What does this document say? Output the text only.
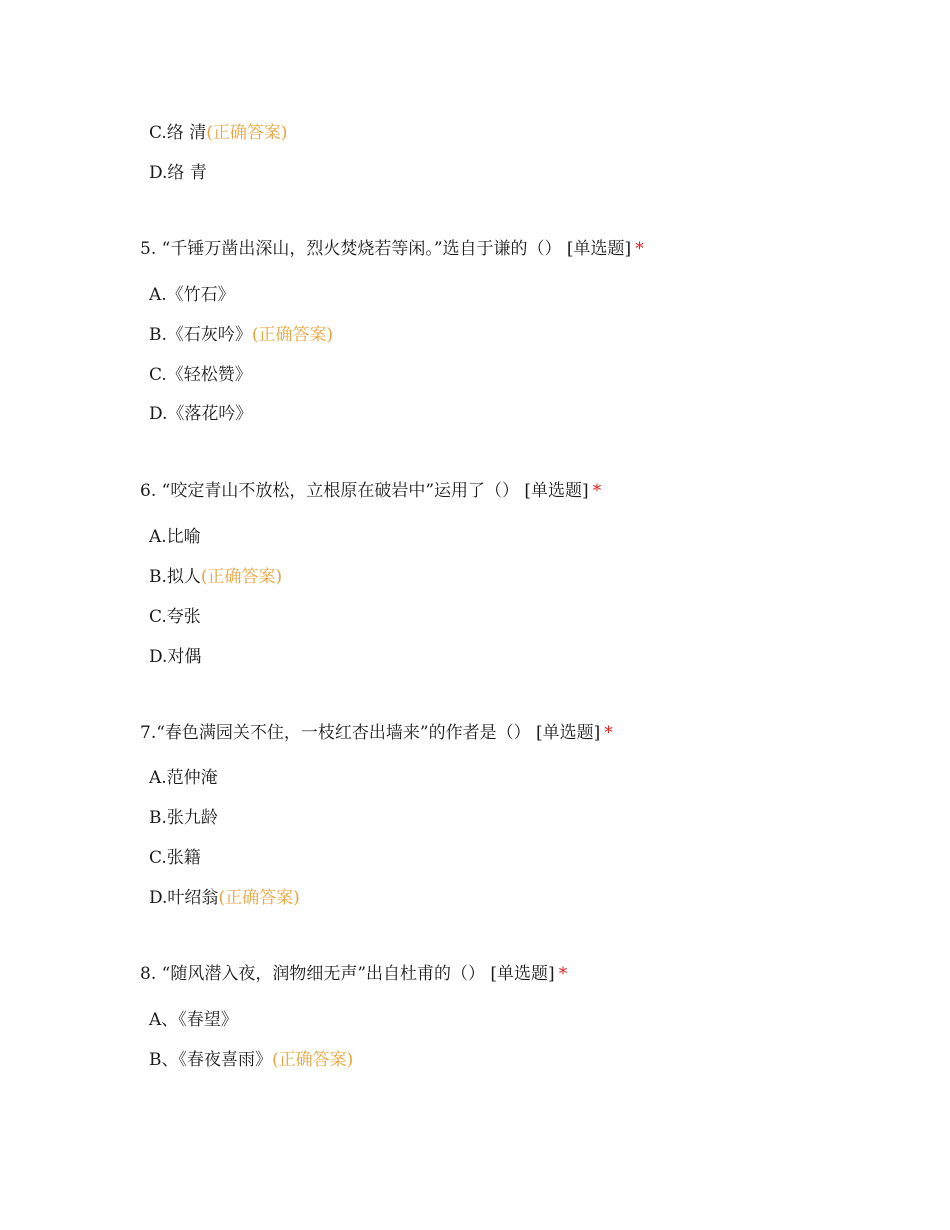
C.络 清(正确答案)
D.络 青
5. “千锤万凿出深山，烈火焚烧若等闲。”选自于谦的（） [单选题] *
A.《竹石》
B.《石灰吟》(正确答案)
C.《轻松赞》
D.《落花吟》
6. “咬定青山不放松，立根原在破岩中”运用了（） [单选题] *
A.比喻
B.拟人(正确答案)
C.夸张
D.对偶
7.“春色满园关不住，一枝红杏出墙来”的作者是（） [单选题] *
A.范仲淹
B.张九龄
C.张籍
D.叶绍翁(正确答案)
8. “随风潜入夜，润物细无声”出自杜甫的（） [单选题] *
A、《春望》
B、《春夜喜雨》(正确答案)
